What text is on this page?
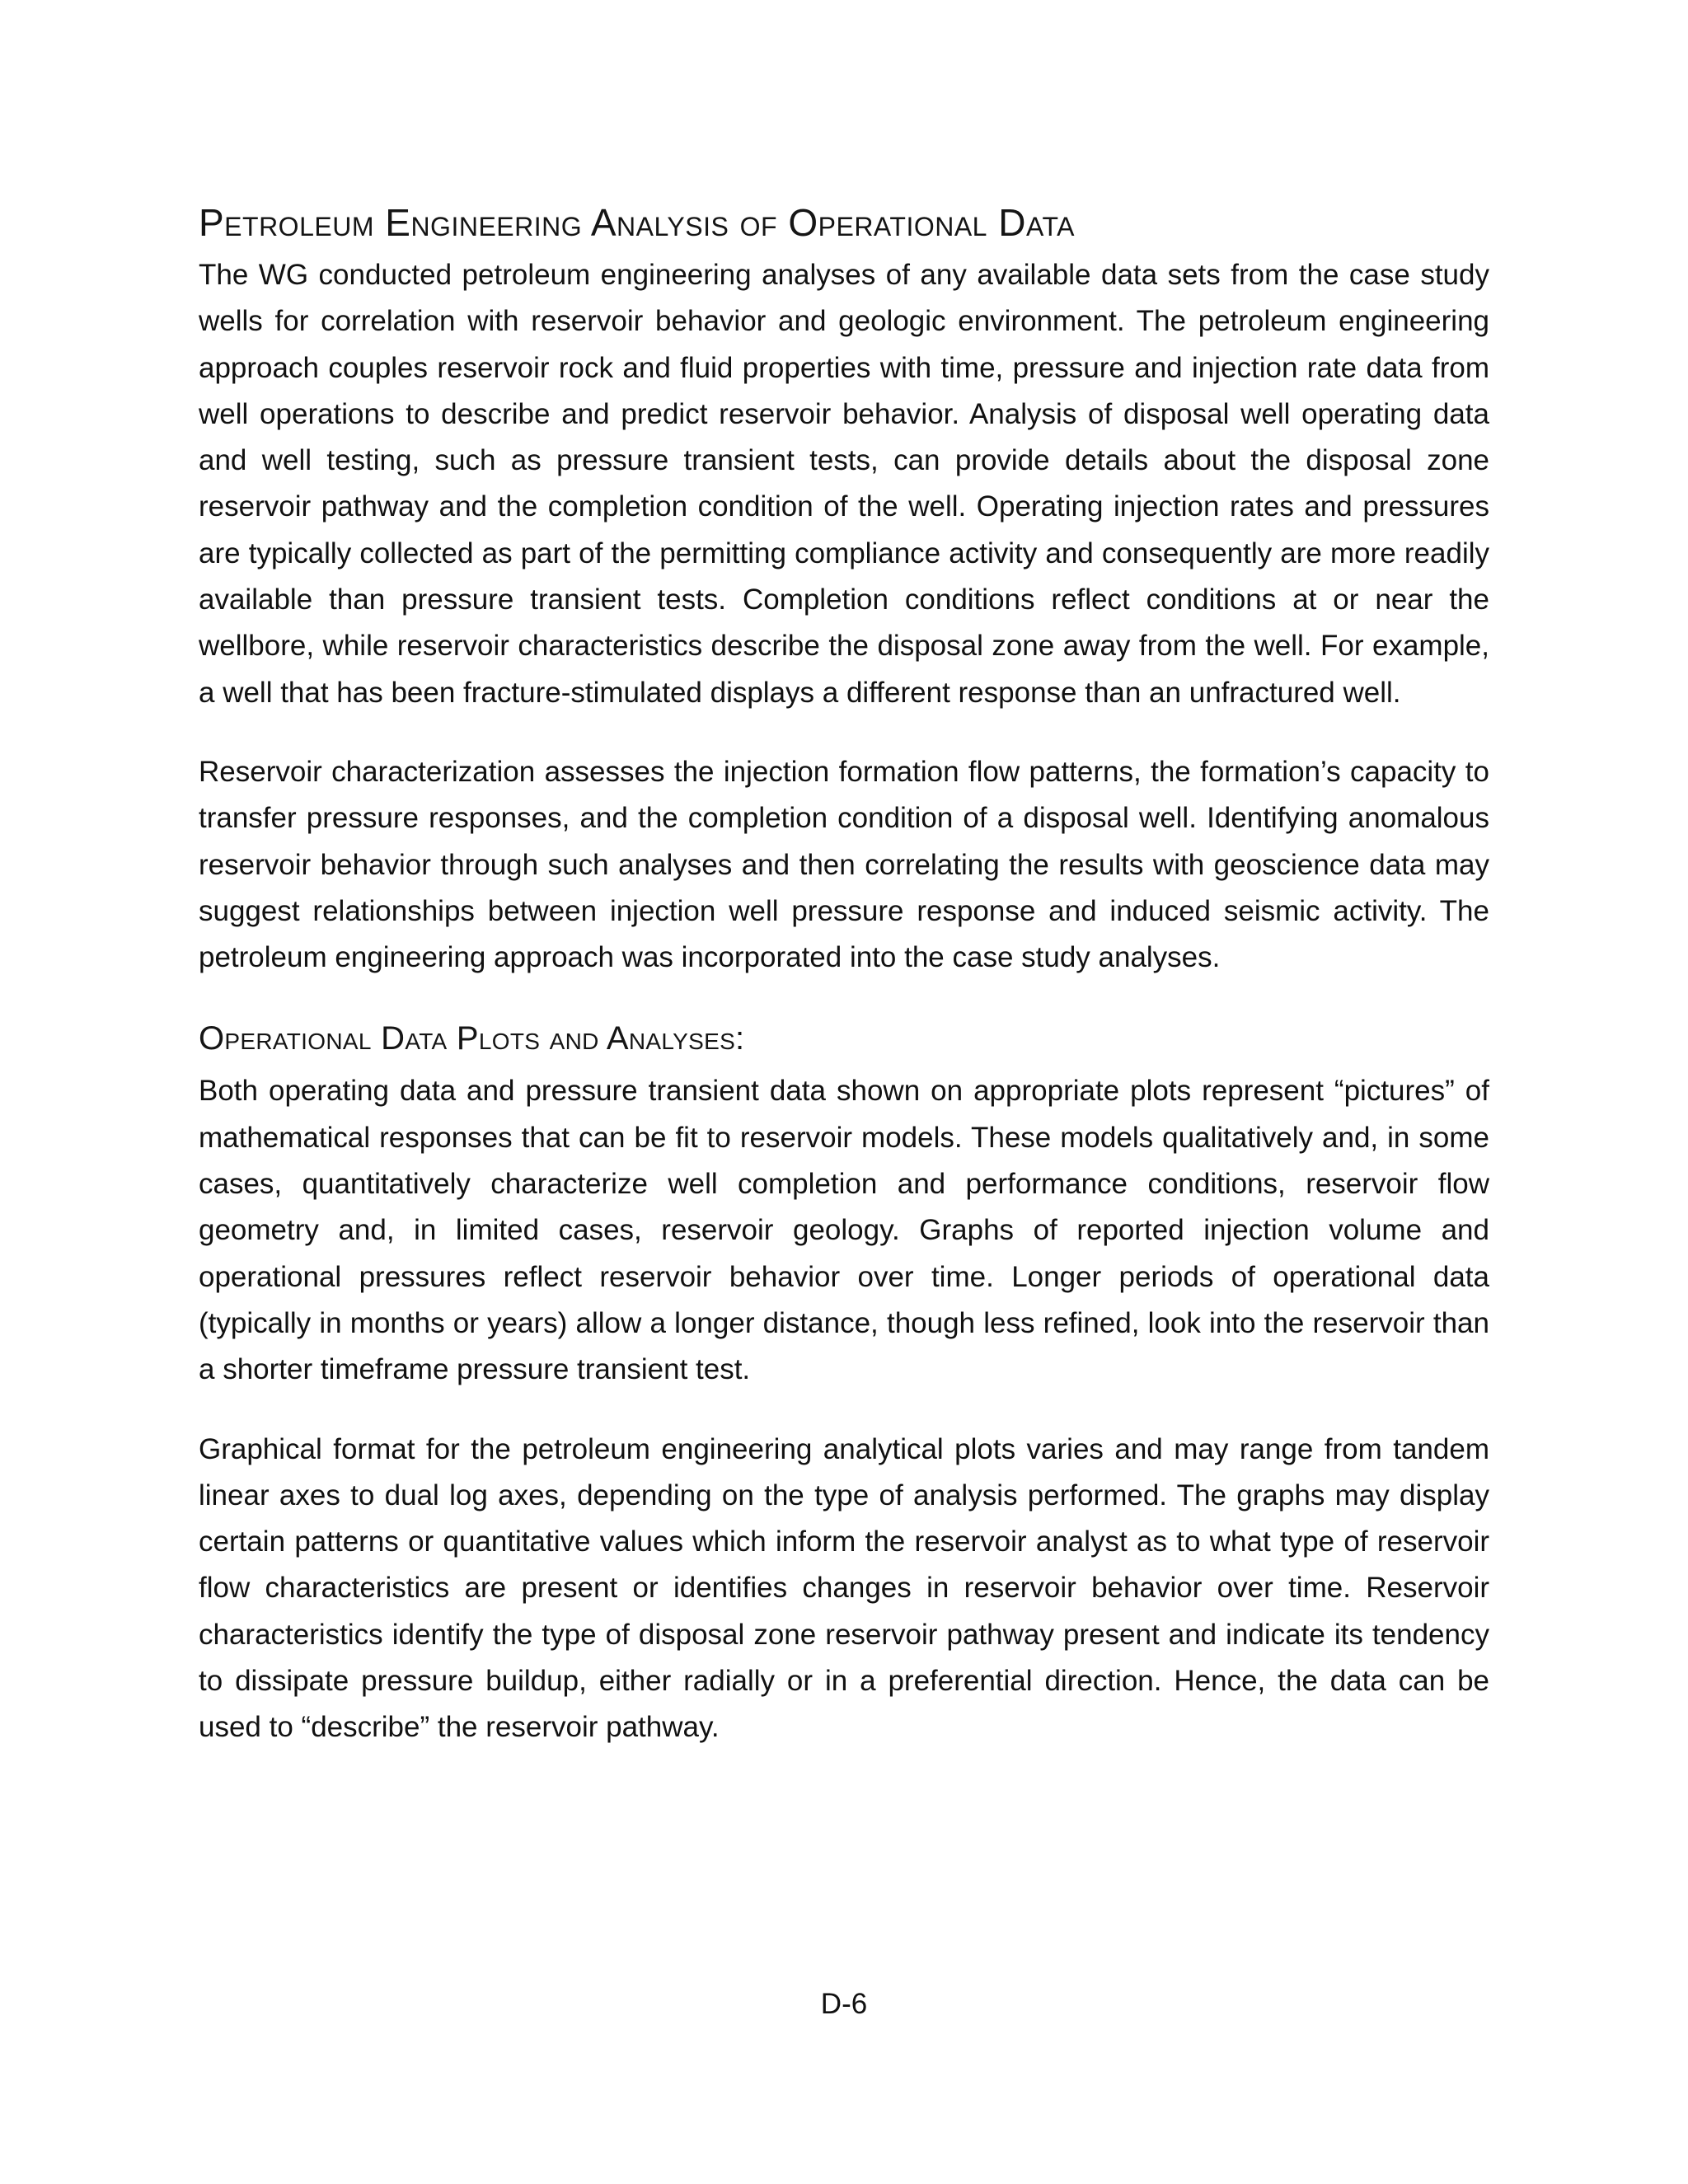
Petroleum Engineering Analysis of Operational Data

The WG conducted petroleum engineering analyses of any available data sets from the case study wells for correlation with reservoir behavior and geologic environment. The petroleum engineering approach couples reservoir rock and fluid properties with time, pressure and injection rate data from well operations to describe and predict reservoir behavior. Analysis of disposal well operating data and well testing, such as pressure transient tests, can provide details about the disposal zone reservoir pathway and the completion condition of the well. Operating injection rates and pressures are typically collected as part of the permitting compliance activity and consequently are more readily available than pressure transient tests. Completion conditions reflect conditions at or near the wellbore, while reservoir characteristics describe the disposal zone away from the well. For example, a well that has been fracture-stimulated displays a different response than an unfractured well.

Reservoir characterization assesses the injection formation flow patterns, the formation’s capacity to transfer pressure responses, and the completion condition of a disposal well. Identifying anomalous reservoir behavior through such analyses and then correlating the results with geoscience data may suggest relationships between injection well pressure response and induced seismic activity. The petroleum engineering approach was incorporated into the case study analyses.

Operational Data Plots and Analyses:

Both operating data and pressure transient data shown on appropriate plots represent “pictures” of mathematical responses that can be fit to reservoir models. These models qualitatively and, in some cases, quantitatively characterize well completion and performance conditions, reservoir flow geometry and, in limited cases, reservoir geology. Graphs of reported injection volume and operational pressures reflect reservoir behavior over time. Longer periods of operational data (typically in months or years) allow a longer distance, though less refined, look into the reservoir than a shorter timeframe pressure transient test.

Graphical format for the petroleum engineering analytical plots varies and may range from tandem linear axes to dual log axes, depending on the type of analysis performed. The graphs may display certain patterns or quantitative values which inform the reservoir analyst as to what type of reservoir flow characteristics are present or identifies changes in reservoir behavior over time. Reservoir characteristics identify the type of disposal zone reservoir pathway present and indicate its tendency to dissipate pressure buildup, either radially or in a preferential direction. Hence, the data can be used to “describe” the reservoir pathway.

D-6
